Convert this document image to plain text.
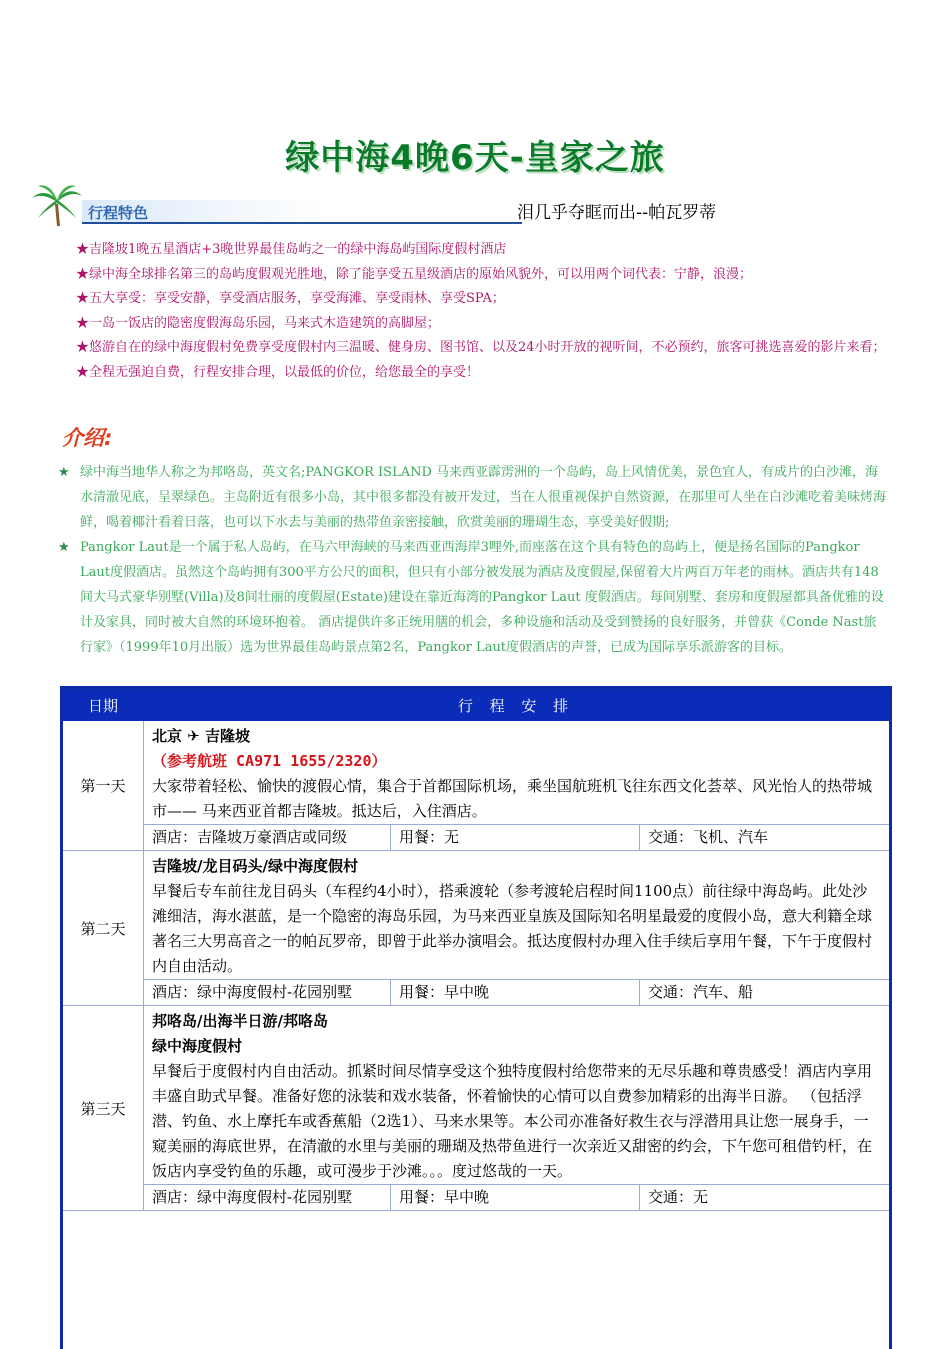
绿中海4晚6天-皇家之旅
行程特色	泪几乎夺眶而出--帕瓦罗蒂
★吉隆坡1晚五星酒店+3晚世界最佳岛屿之一的绿中海岛屿国际度假村酒店
★绿中海全球排名第三的岛屿度假观光胜地，除了能享受五星级酒店的原始风貌外，可以用两个词代表：宁静，浪漫；
★五大享受：享受安静，享受酒店服务，享受海滩、享受雨林、享受SPA；
★一岛一饭店的隐密度假海岛乐园，马来式木造建筑的高脚屋；
★悠游自在的绿中海度假村免费享受度假村内三温暖、健身房、图书馆、以及24小时开放的视听间，不必预约，旅客可挑选喜爱的影片来看；
★全程无强迫自费，行程安排合理，以最低的价位，给您最全的享受！
介绍:
★ 绿中海当地华人称之为邦咯岛，英文名;PANGKOR ISLAND 马来西亚霹雳洲的一个岛屿，岛上风情优美，景色宜人，有成片的白沙滩，海水清澈见底，呈翠绿色。主岛附近有很多小岛，其中很多都没有被开发过，当在人很重视保护自然资源，在那里可人坐在白沙滩吃着美味烤海鲜，喝着椰汁看着日落，也可以下水去与美丽的热带鱼亲密接触，欣赏美丽的珊瑚生态，享受美好假期;
★ Pangkor Laut是一个属于私人岛屿，在马六甲海峡的马来西亚西海岸3哩外,而座落在这个具有特色的岛屿上，便是扬名国际的Pangkor Laut度假酒店。虽然这个岛屿拥有300平方公尺的面积，但只有小部分被发展为酒店及度假屋,保留着大片两百万年老的雨林。酒店共有148间大马式豪华别墅(Villa)及8间壮丽的度假屋(Estate)建设在靠近海湾的Pangkor Laut 度假酒店。每间别墅、套房和度假屋都具备优雅的设计及家具，同时被大自然的环境环抱着。 酒店提供许多正统用膳的机会，多种设施和活动及受到赞扬的良好服务，并曾获《Conde Nast旅行家》（1999年10月出版）选为世界最佳岛屿景点第2名，Pangkor Laut度假酒店的声誉，已成为国际享乐派游客的目标。
日期	行 程 安 排
第一天
北京 ✈ 吉隆坡
（参考航班 CA971 1655/2320）
大家带着轻松、愉快的渡假心情，集合于首都国际机场，乘坐国航班机飞往东西文化荟萃、风光怡人的热带城市—— 马来西亚首都吉隆坡。抵达后，入住酒店。
酒店：吉隆坡万豪酒店或同级	用餐：无	交通：飞机、汽车
第二天
吉隆坡/龙目码头/绿中海度假村
早餐后专车前往龙目码头（车程约4小时），搭乘渡轮（参考渡轮启程时间1100点）前往绿中海岛屿。此处沙滩细洁，海水湛蓝，是一个隐密的海岛乐园，为马来西亚皇族及国际知名明星最爱的度假小岛，意大利籍全球著名三大男高音之一的帕瓦罗帝，即曾于此举办演唱会。抵达度假村办理入住手续后享用午餐，下午于度假村内自由活动。
酒店：绿中海度假村-花园别墅	用餐：早中晚	交通：汽车、船
第三天
邦咯岛/出海半日游/邦咯岛
绿中海度假村
早餐后于度假村内自由活动。抓紧时间尽情享受这个独特度假村给您带来的无尽乐趣和尊贵感受！酒店内享用丰盛自助式早餐。准备好您的泳装和戏水装备，怀着愉快的心情可以自费参加精彩的出海半日游。 （包括浮潜、钓鱼、水上摩托车或香蕉船（2选1）、马来水果等。本公司亦准备好救生衣与浮潜用具让您一展身手，一窥美丽的海底世界，在清澈的水里与美丽的珊瑚及热带鱼进行一次亲近又甜密的约会，下午您可租借钓杆，在饭店内享受钓鱼的乐趣，或可漫步于沙滩。。。度过悠哉的一天。
酒店：绿中海度假村-花园别墅	用餐：早中晚	交通：无
